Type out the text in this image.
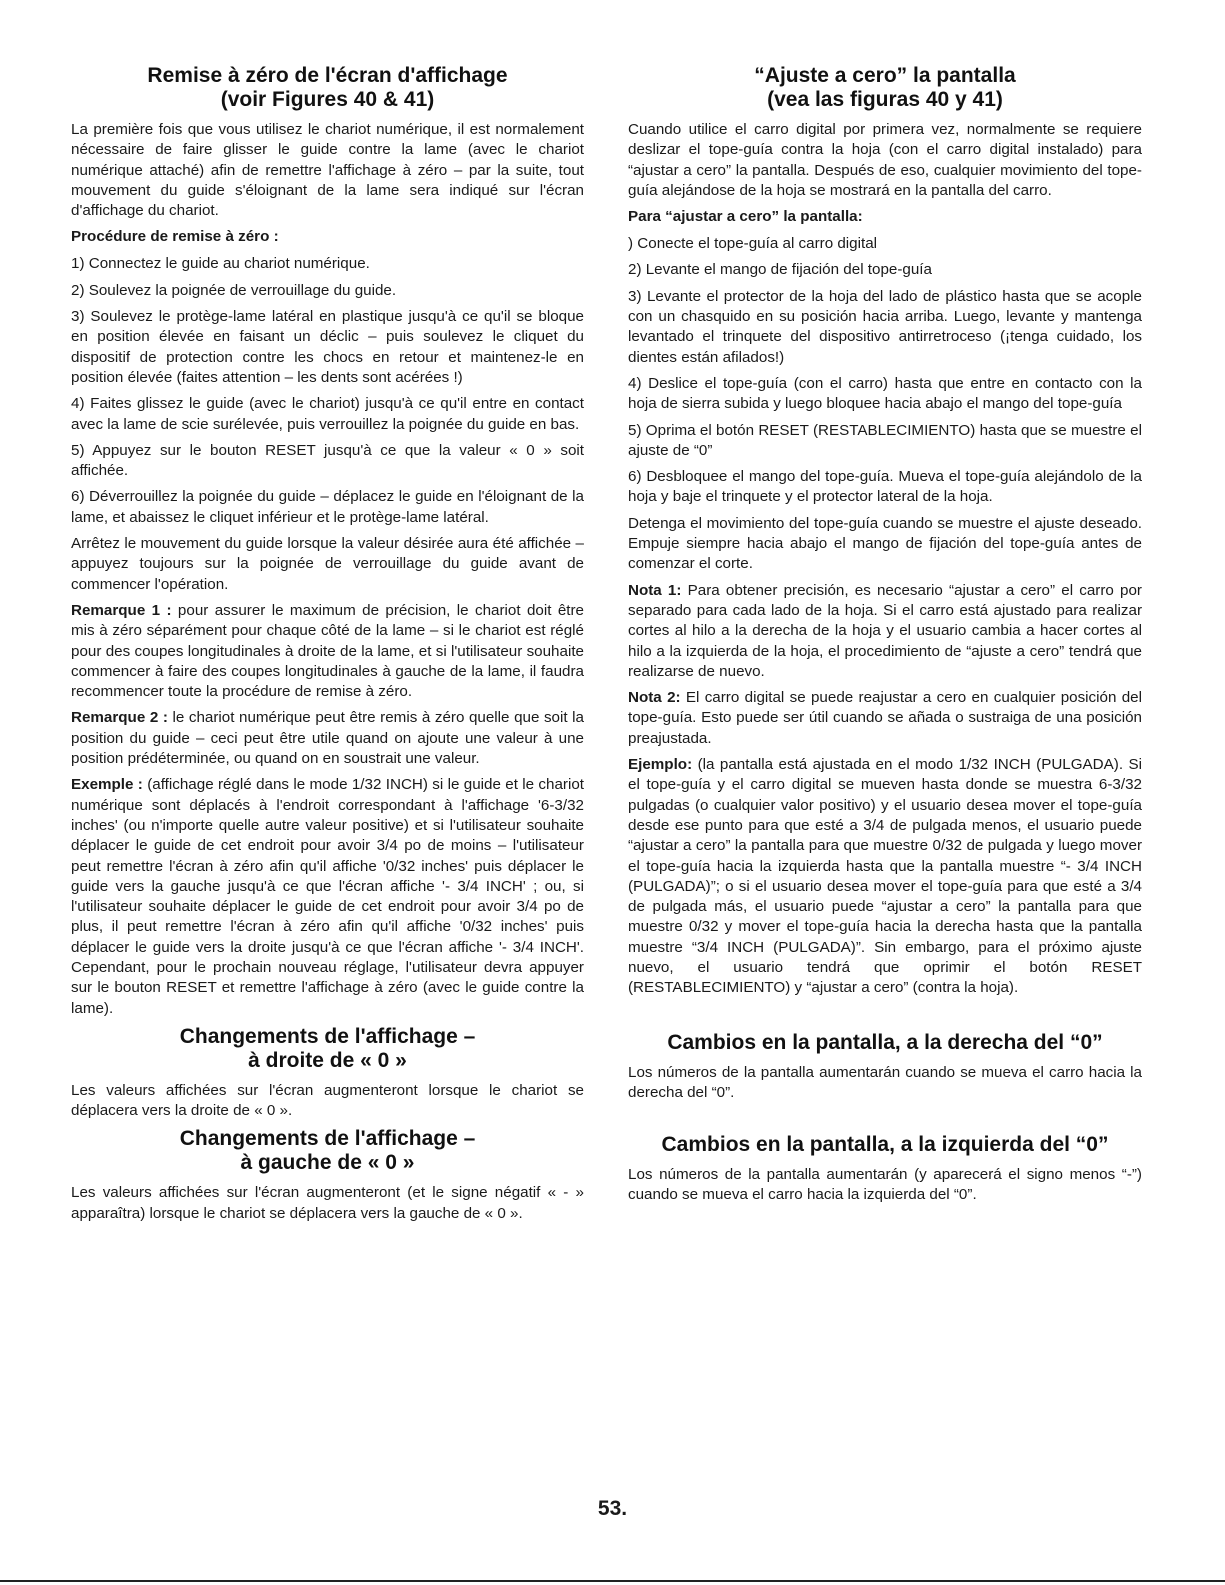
Remise à zéro de l'écran d'affichage
(voir Figures 40 & 41)

La première fois que vous utilisez le chariot numérique, il est normalement nécessaire de faire glisser le guide contre la lame (avec le chariot numérique attaché) afin de remettre l'affichage à zéro – par la suite, tout mouvement du guide s'éloignant de la lame sera indiqué sur l'écran d'affichage du chariot.

Procédure de remise à zéro :

1) Connectez le guide au chariot numérique.

2) Soulevez la poignée de verrouillage du guide.

3) Soulevez le protège-lame latéral en plastique jusqu'à ce qu'il se bloque en position élevée en faisant un déclic – puis soulevez le cliquet du dispositif de protection contre les chocs en retour et maintenez-le en position élevée (faites attention – les dents sont acérées !)

4) Faites glissez le guide (avec le chariot) jusqu'à ce qu'il entre en contact avec la lame de scie surélevée, puis verrouillez la poignée du guide en bas.

5) Appuyez sur le bouton RESET jusqu'à ce que la valeur « 0 » soit affichée.

6) Déverrouillez la poignée du guide – déplacez le guide en l'éloignant de la lame, et abaissez le cliquet inférieur et le protège-lame latéral.

Arrêtez le mouvement du guide lorsque la valeur désirée aura été affichée – appuyez toujours sur la poignée de verrouillage du guide avant de commencer l'opération.

Remarque 1 : pour assurer le maximum de précision, le chariot doit être mis à zéro séparément pour chaque côté de la lame – si le chariot est réglé pour des coupes longitudinales à droite de la lame, et si l'utilisateur souhaite commencer à faire des coupes longitudinales à gauche de la lame, il faudra recommencer toute la procédure de remise à zéro.

Remarque 2 : le chariot numérique peut être remis à zéro quelle que soit la position du guide – ceci peut être utile quand on ajoute une valeur à une position prédéterminée, ou quand on en soustrait une valeur.

Exemple : (affichage réglé dans le mode 1/32 INCH) si le guide et le chariot numérique sont déplacés à l'endroit correspondant à l'affichage '6-3/32 inches' (ou n'importe quelle autre valeur positive) et si l'utilisateur souhaite déplacer le guide de cet endroit pour avoir 3/4 po de moins – l'utilisateur peut remettre l'écran à zéro afin qu'il affiche '0/32 inches' puis déplacer le guide vers la gauche jusqu'à ce que l'écran affiche '- 3/4 INCH' ; ou, si l'utilisateur souhaite déplacer le guide de cet endroit pour avoir 3/4 po de plus, il peut remettre l'écran à zéro afin qu'il affiche '0/32 inches' puis déplacer le guide vers la droite jusqu'à ce que l'écran affiche '- 3/4 INCH'. Cependant, pour le prochain nouveau réglage, l'utilisateur devra appuyer sur le bouton RESET et remettre l'affichage à zéro (avec le guide contre la lame).

Changements de l'affichage –
à droite de « 0 »

Les valeurs affichées sur l'écran augmenteront lorsque le chariot se déplacera vers la droite de « 0 ».

Changements de l'affichage –
à gauche de « 0 »

Les valeurs affichées sur l'écran augmenteront (et le signe négatif « - » apparaîtra) lorsque le chariot se déplacera vers la gauche de « 0 ».

“Ajuste a cero” la pantalla
(vea las figuras 40 y 41)

Cuando utilice el carro digital por primera vez, normalmente se requiere deslizar el tope-guía contra la hoja (con el carro digital instalado) para “ajustar a cero” la pantalla. Después de eso, cualquier movimiento del tope-guía alejándose de la hoja se mostrará en la pantalla del carro.

Para “ajustar a cero” la pantalla:

) Conecte el tope-guía al carro digital

2) Levante el mango de fijación del tope-guía

3) Levante el protector de la hoja del lado de plástico hasta que se acople con un chasquido en su posición hacia arriba. Luego, levante y mantenga levantado el trinquete del dispositivo antirretroceso (¡tenga cuidado, los dientes están afilados!)

4) Deslice el tope-guía (con el carro) hasta que entre en contacto con la hoja de sierra subida y luego bloquee hacia abajo el mango del tope-guía

5) Oprima el botón RESET (RESTABLECIMIENTO) hasta que se muestre el ajuste de “0”

6) Desbloquee el mango del tope-guía. Mueva el tope-guía alejándolo de la hoja y baje el trinquete y el protector lateral de la hoja.

Detenga el movimiento del tope-guía cuando se muestre el ajuste deseado. Empuje siempre hacia abajo el mango de fijación del tope-guía antes de comenzar el corte.

Nota 1: Para obtener precisión, es necesario “ajustar a cero” el carro por separado para cada lado de la hoja. Si el carro está ajustado para realizar cortes al hilo a la derecha de la hoja y el usuario cambia a hacer cortes al hilo a la izquierda de la hoja, el procedimiento de “ajuste a cero” tendrá que realizarse de nuevo.

Nota 2: El carro digital se puede reajustar a cero en cualquier posición del tope-guía. Esto puede ser útil cuando se añada o sustraiga de una posición preajustada.

Ejemplo: (la pantalla está ajustada en el modo 1/32 INCH (PULGADA). Si el tope-guía y el carro digital se mueven hasta donde se muestra 6-3/32 pulgadas (o cualquier valor positivo) y el usuario desea mover el tope-guía desde ese punto para que esté a 3/4 de pulgada menos, el usuario puede “ajustar a cero” la pantalla para que muestre 0/32 de pulgada y luego mover el tope-guía hacia la izquierda hasta que la pantalla muestre “- 3/4 INCH (PULGADA)”; o si el usuario desea mover el tope-guía para que esté a 3/4 de pulgada más, el usuario puede “ajustar a cero” la pantalla para que muestre 0/32 y mover el tope-guía hacia la derecha hasta que la pantalla muestre “3/4 INCH (PULGADA)”. Sin embargo, para el próximo ajuste nuevo, el usuario tendrá que oprimir el botón RESET (RESTABLECIMIENTO) y “ajustar a cero” (contra la hoja).

Cambios en la pantalla, a la derecha del “0”

Los números de la pantalla aumentarán cuando se mueva el carro hacia la derecha del “0”.

Cambios en la pantalla, a la izquierda del “0”

Los números de la pantalla aumentarán (y aparecerá el signo menos “-”) cuando se mueva el carro hacia la izquierda del “0”.

53.
